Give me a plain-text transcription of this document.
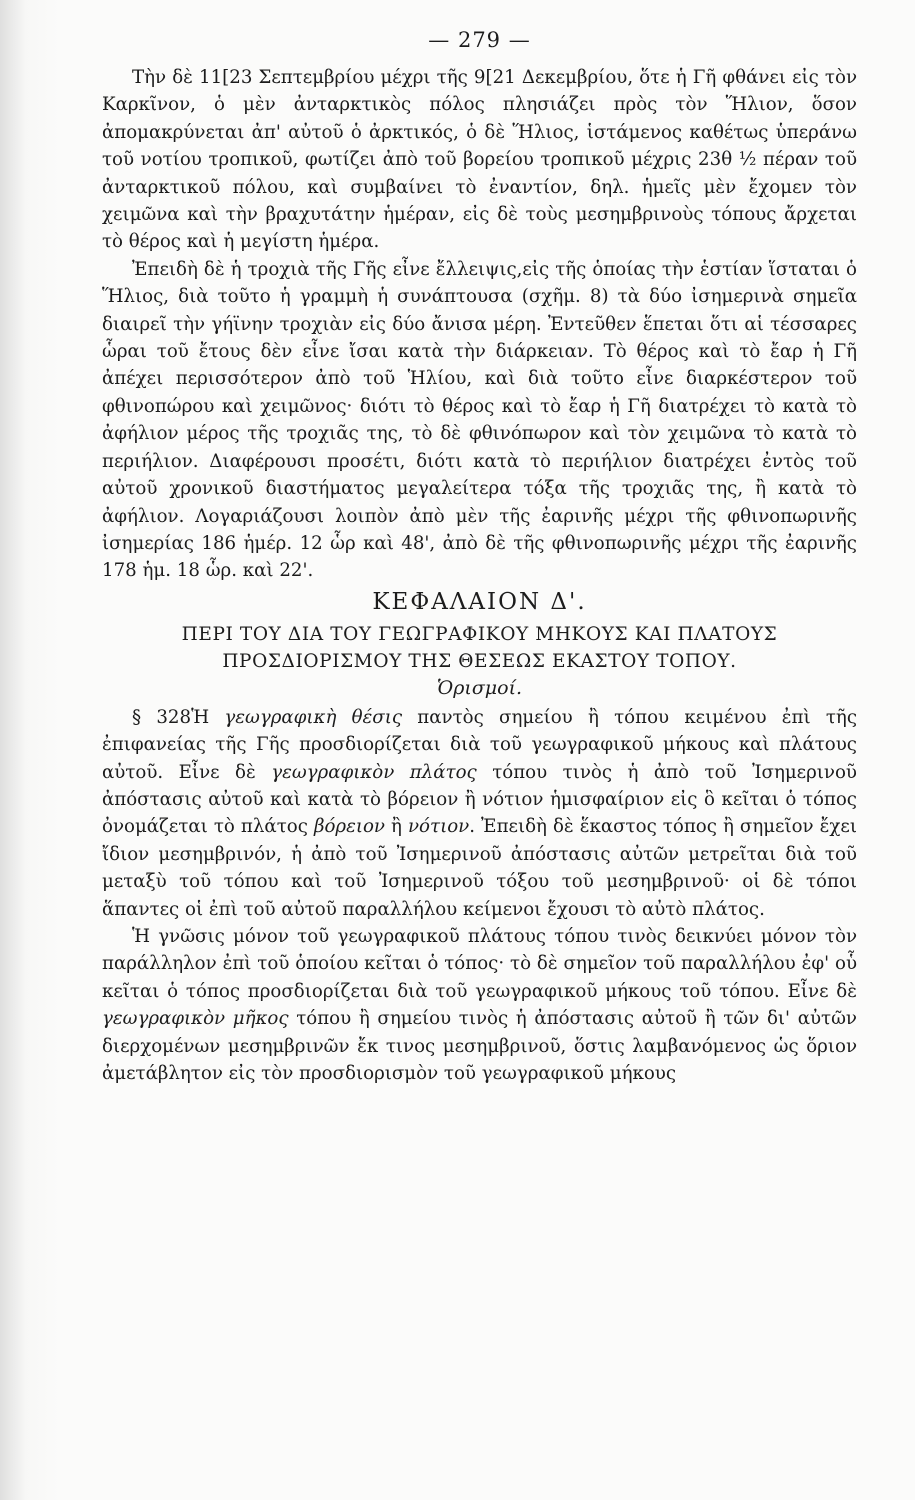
— 279 —

Τὴν δὲ 11[23 Σεπτεμβρίου μέχρι τῆς 9[21 Δεκεμβρίου, ὅτε ἡ Γῆ φθάνει εἰς τὸν Καρκῖνον, ὁ μὲν ἀνταρκτικὸς πόλος πλησιάζει πρὸς τὸν Ἥλιον, ὅσον ἀπομακρύνεται ἀπ' αὐτοῦ ὁ ἀρκτικός, ὁ δὲ Ἥλιος, ἱστάμενος καθέτως ὑπεράνω τοῦ νοτίου τροπικοῦ, φωτίζει ἀπὸ τοῦ βορείου τροπικοῦ μέχρις 23θ ½ πέραν τοῦ ἀνταρκτικοῦ πόλου, καὶ συμβαίνει τὸ ἐναντίον, δηλ. ἡμεῖς μὲν ἔχομεν τὸν χειμῶνα καὶ τὴν βραχυτάτην ἡμέραν, εἰς δὲ τοὺς μεσημβρινοὺς τόπους ἄρχεται τὸ θέρος καὶ ἡ μεγίστη ἡμέρα.

Ἐπειδὴ δὲ ἡ τροχιὰ τῆς Γῆς εἶνε ἔλλειψις,εἰς τῆς ὁποίας τὴν ἑστίαν ἵσταται ὁ Ἥλιος, διὰ τοῦτο ἡ γραμμὴ ἡ συνάπτουσα (σχῆμ. 8) τὰ δύο ἰσημερινὰ σημεῖα διαιρεῖ τὴν γήϊνην τροχιὰν εἰς δύο ἄνισα μέρη. Ἐντεῦθεν ἕπεται ὅτι αἱ τέσσαρες ὧραι τοῦ ἔτους δὲν εἶνε ἴσαι κατὰ τὴν διάρκειαν. Τὸ θέρος καὶ τὸ ἔαρ ἡ Γῆ ἀπέχει περισσότερον ἀπὸ τοῦ Ἡλίου, καὶ διὰ τοῦτο εἶνε διαρκέστερον τοῦ φθινοπώρου καὶ χειμῶνος· διότι τὸ θέρος καὶ τὸ ἔαρ ἡ Γῆ διατρέχει τὸ κατὰ τὸ ἀφήλιον μέρος τῆς τροχιᾶς της, τὸ δὲ φθινόπωρον καὶ τὸν χειμῶνα τὸ κατὰ τὸ περιήλιον. Διαφέρουσι προσέτι, διότι κατὰ τὸ περιήλιον διατρέχει ἐντὸς τοῦ αὐτοῦ χρονικοῦ διαστήματος μεγαλείτερα τόξα τῆς τροχιᾶς της, ἢ κατὰ τὸ ἀφήλιον. Λογαριάζουσι λοιπὸν ἀπὸ μὲν τῆς ἐαρινῆς μέχρι τῆς φθινοπωρινῆς ἰσημερίας 186 ἡμέρ. 12 ὧρ καὶ 48', ἀπὸ δὲ τῆς φθινοπωρινῆς μέχρι τῆς ἐαρινῆς 178 ἡμ. 18 ὧρ. καὶ 22'.

ΚΕΦΑΛΑΙΟΝ Δ'.
ΠΕΡΙ ΤΟΥ ΔΙΑ ΤΟΥ ΓΕΩΓΡΑΦΙΚΟΥ ΜΗΚΟΥΣ ΚΑΙ ΠΛΑΤΟΥΣ ΠΡΟΣΔΙΟΡΙΣΜΟΥ ΤΗΣ ΘΕΣΕΩΣ ΕΚΑΣΤΟΥ ΤΟΠΟΥ.
Ὁρισμοί.

§ 328Ἡ γεωγραφικὴ θέσις παντὸς σημείου ἢ τόπου κειμένου ἐπὶ τῆς ἐπιφανείας τῆς Γῆς προσδιορίζεται διὰ τοῦ γεωγραφικοῦ μήκους καὶ πλάτους αὐτοῦ. Εἶνε δὲ γεωγραφικὸν πλάτος τόπου τινὸς ἡ ἀπὸ τοῦ Ἰσημερινοῦ ἀπόστασις αὐτοῦ καὶ κατὰ τὸ βόρειον ἢ νότιον ἡμισφαίριον εἰς ὃ κεῖται ὁ τόπος ὀνομάζεται τὸ πλάτος βόρειον ἢ νότιον. Ἐπειδὴ δὲ ἕκαστος τόπος ἢ σημεῖον ἔχει ἴδιον μεσημβρινόν, ἡ ἀπὸ τοῦ Ἰσημερινοῦ ἀπόστασις αὐτῶν μετρεῖται διὰ τοῦ μεταξὺ τοῦ τόπου καὶ τοῦ Ἰσημερινοῦ τόξου τοῦ μεσημβρινοῦ· οἱ δὲ τόποι ἅπαντες οἱ ἐπὶ τοῦ αὐτοῦ παραλλήλου κείμενοι ἔχουσι τὸ αὐτὸ πλάτος.

Ἡ γνῶσις μόνον τοῦ γεωγραφικοῦ πλάτους τόπου τινὸς δεικνύει μόνον τὸν παράλληλον ἐπὶ τοῦ ὁποίου κεῖται ὁ τόπος· τὸ δὲ σημεῖον τοῦ παραλλήλου ἐφ' οὗ κεῖται ὁ τόπος προσδιορίζεται διὰ τοῦ γεωγραφικοῦ μήκους τοῦ τόπου. Εἶνε δὲ γεωγραφικὸν μῆκος τόπου ἢ σημείου τινὸς ἡ ἀπόστασις αὐτοῦ ἢ τῶν δι' αὐτῶν διερχομένων μεσημβρινῶν ἔκ τινος μεσημβρινοῦ, ὅστις λαμβανόμενος ὡς ὅριον ἀμετάβλητον εἰς τὸν προσδιορισμὸν τοῦ γεωγραφικοῦ μήκους
